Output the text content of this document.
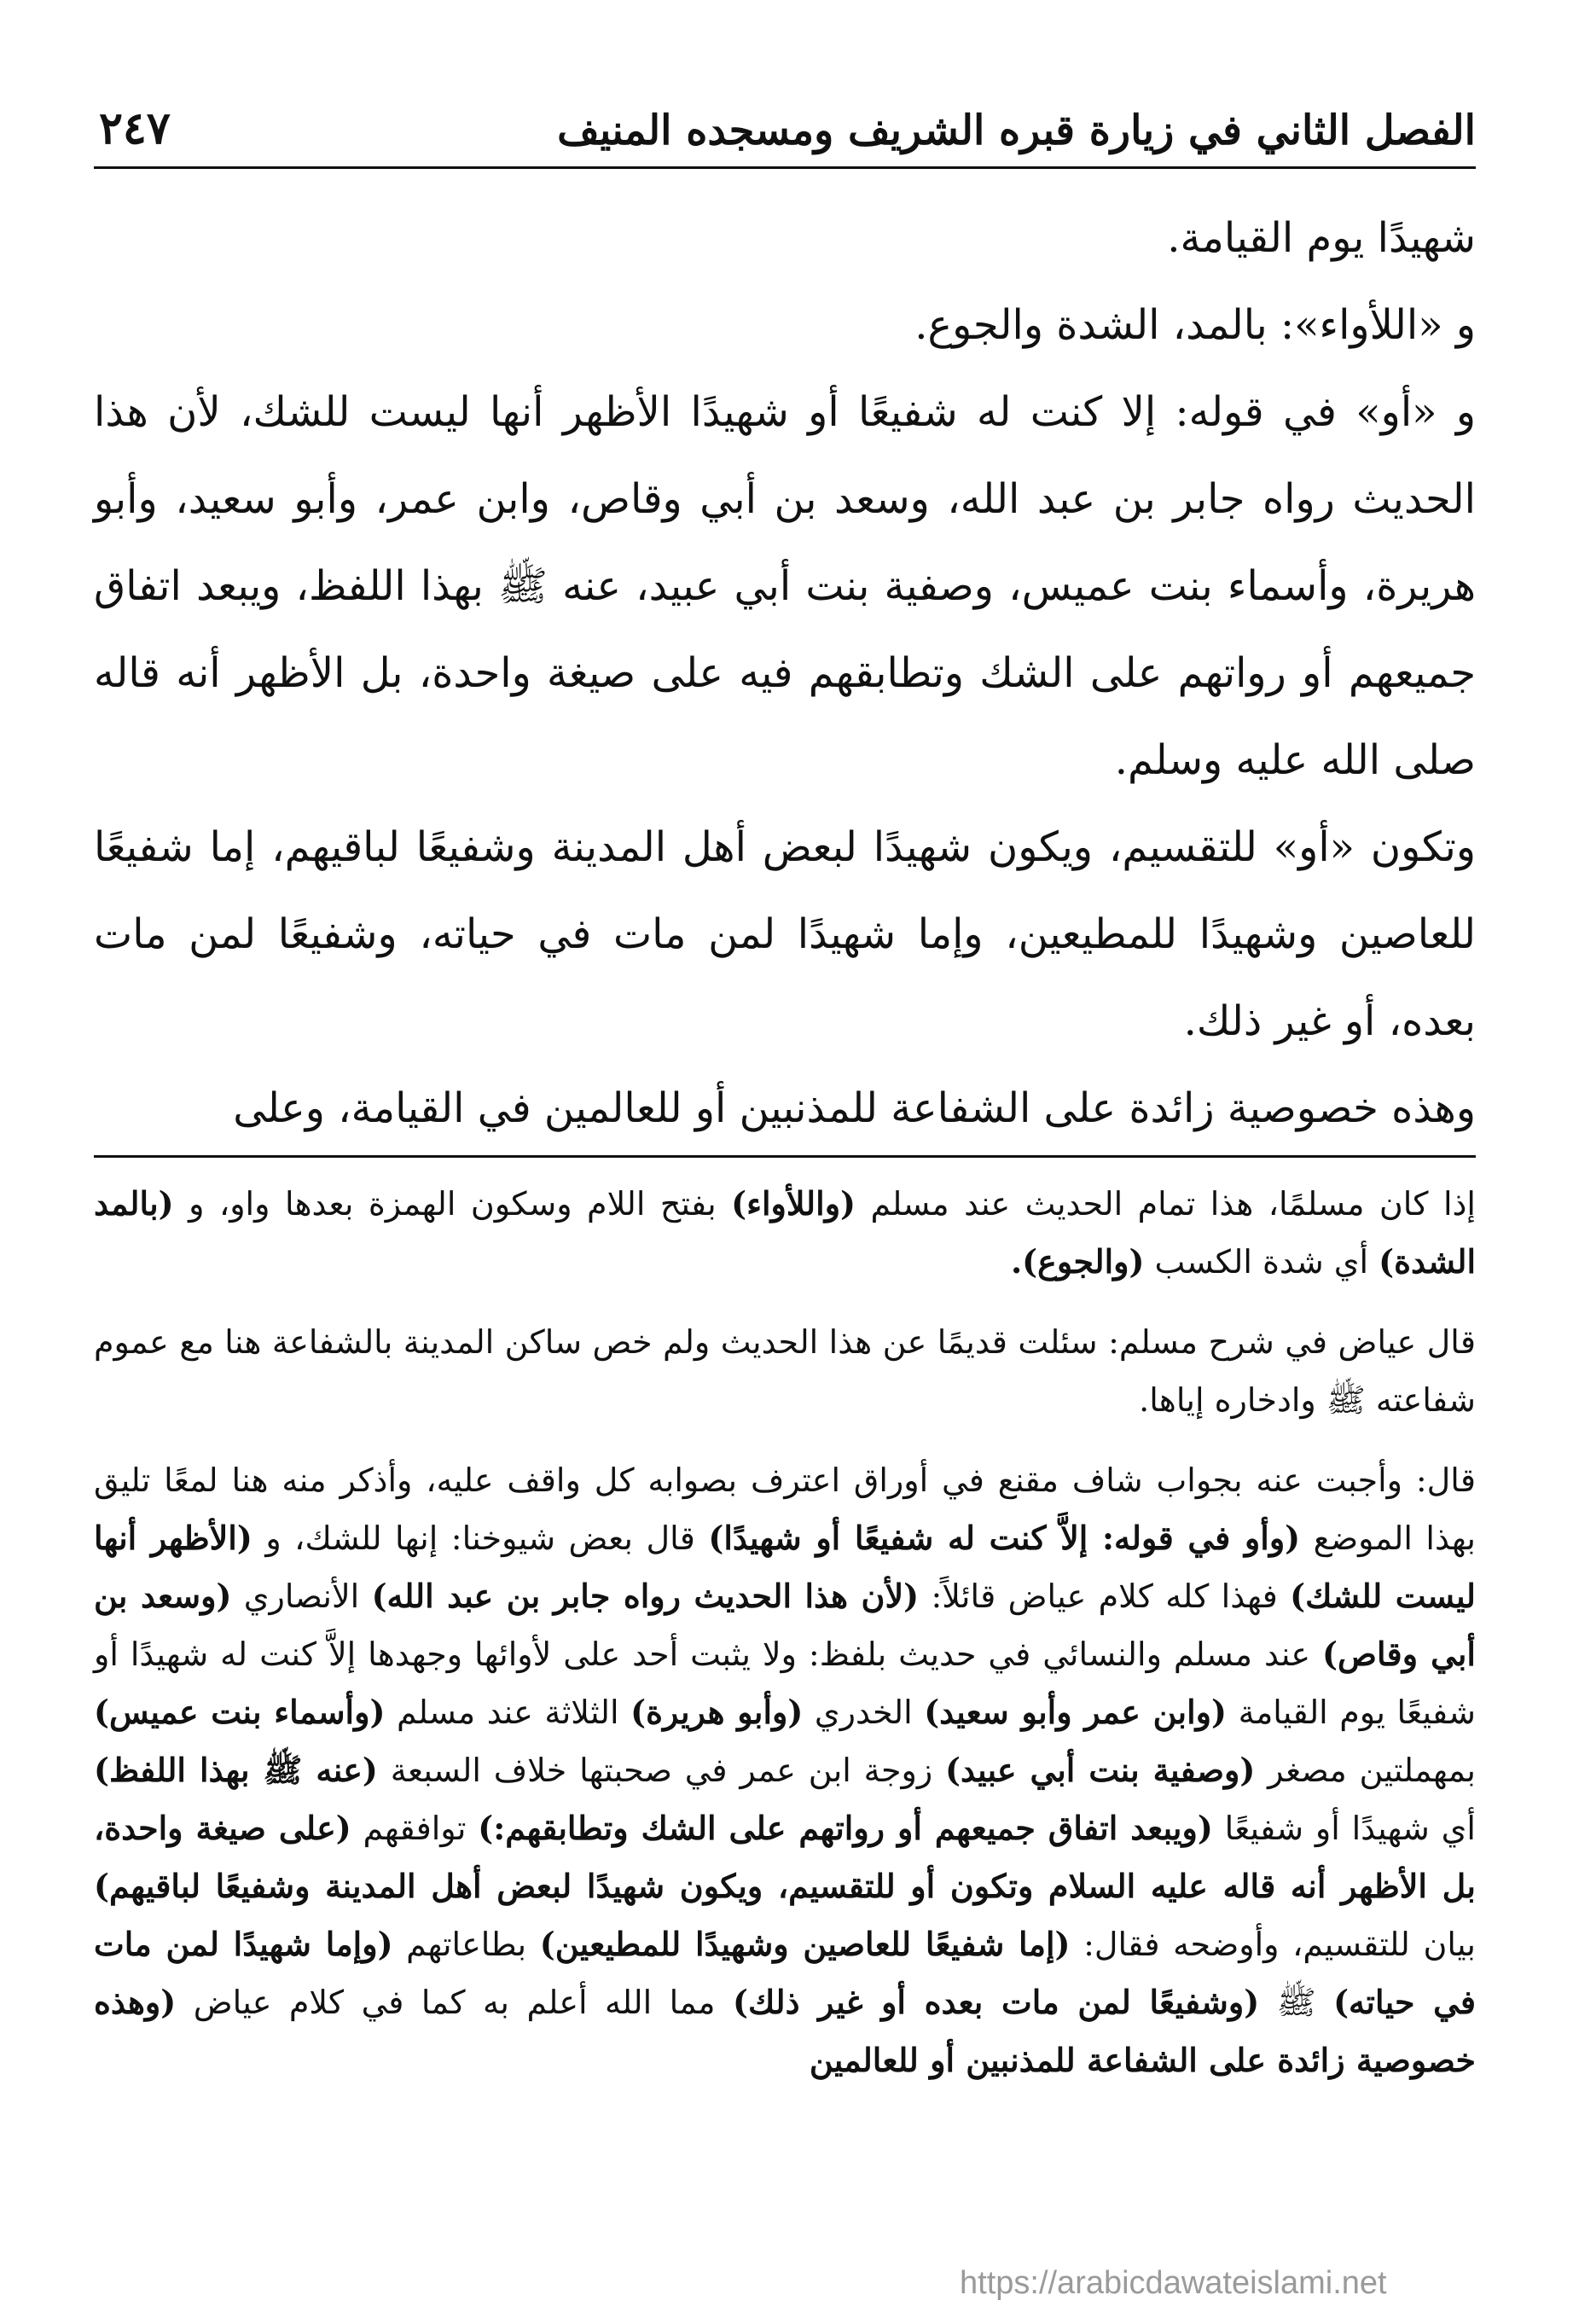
الفصل الثاني في زيارة قبره الشريف ومسجده المنيف
٢٤٧

شهيدًا يوم القيامة.

و «اللأواء»: بالمد، الشدة والجوع.

و «أو» في قوله: إلا كنت له شفيعًا أو شهيدًا الأظهر أنها ليست للشك، لأن هذا الحديث رواه جابر بن عبد الله، وسعد بن أبي وقاص، وابن عمر، وأبو سعيد، وأبو هريرة، وأسماء بنت عميس، وصفية بنت أبي عبيد، عنه ﷺ بهذا اللفظ، ويبعد اتفاق جميعهم أو رواتهم على الشك وتطابقهم فيه على صيغة واحدة، بل الأظهر أنه قاله صلى الله عليه وسلم.

وتكون «أو» للتقسيم، ويكون شهيدًا لبعض أهل المدينة وشفيعًا لباقيهم، إما شفيعًا للعاصين وشهيدًا للمطيعين، وإما شهيدًا لمن مات في حياته، وشفيعًا لمن مات بعده، أو غير ذلك.

وهذه خصوصية زائدة على الشفاعة للمذنبين أو للعالمين في القيامة، وعلى

إذا كان مسلمًا، هذا تمام الحديث عند مسلم (واللأواء) بفتح اللام وسكون الهمزة بعدها واو، و (بالمد الشدة) أي شدة الكسب (والجوع).

قال عياض في شرح مسلم: سئلت قديمًا عن هذا الحديث ولم خص ساكن المدينة بالشفاعة هنا مع عموم شفاعته ﷺ وادخاره إياها.

قال: وأجبت عنه بجواب شاف مقنع في أوراق اعترف بصوابه كل واقف عليه، وأذكر منه هنا لمعًا تليق بهذا الموضع (وأو في قوله: إلاَّ كنت له شفيعًا أو شهيدًا) قال بعض شيوخنا: إنها للشك، و (الأظهر أنها ليست للشك) فهذا كله كلام عياض قائلاً: (لأن هذا الحديث رواه جابر بن عبد الله) الأنصاري (وسعد بن أبي وقاص) عند مسلم والنسائي في حديث بلفظ: ولا يثبت أحد على لأوائها وجهدها إلاَّ كنت له شهيدًا أو شفيعًا يوم القيامة (وابن عمر وأبو سعيد) الخدري (وأبو هريرة) الثلاثة عند مسلم (وأسماء بنت عميس) بمهملتين مصغر (وصفية بنت أبي عبيد) زوجة ابن عمر في صحبتها خلاف السبعة (عنه ﷺ بهذا اللفظ) أي شهيدًا أو شفيعًا (ويبعد اتفاق جميعهم أو رواتهم على الشك وتطابقهم:) توافقهم (على صيغة واحدة، بل الأظهر أنه قاله عليه السلام وتكون أو للتقسيم، ويكون شهيدًا لبعض أهل المدينة وشفيعًا لباقيهم) بيان للتقسيم، وأوضحه فقال: (إما شفيعًا للعاصين وشهيدًا للمطيعين) بطاعاتهم (وإما شهيدًا لمن مات في حياته) ﷺ (وشفيعًا لمن مات بعده أو غير ذلك) مما الله أعلم به كما في كلام عياض (وهذه خصوصية زائدة على الشفاعة للمذنبين أو للعالمين

https://arabicdawateislami.net
